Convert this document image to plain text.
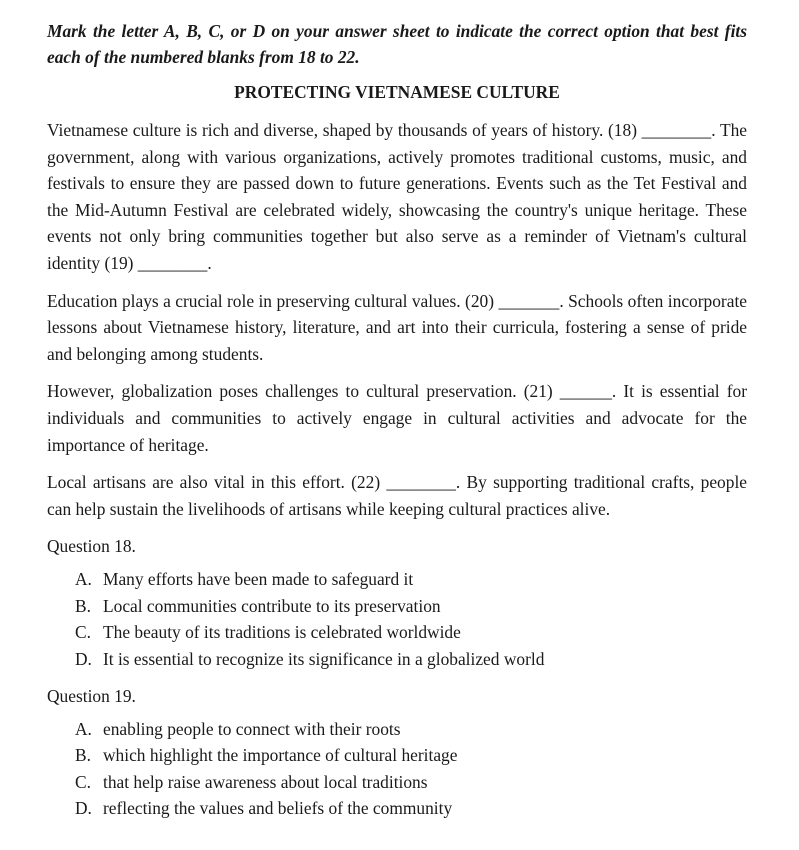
Mark the letter A, B, C, or D on your answer sheet to indicate the correct option that best fits each of the numbered blanks from 18 to 22.

PROTECTING VIETNAMESE CULTURE

Vietnamese culture is rich and diverse, shaped by thousands of years of history. (18) ________. The government, along with various organizations, actively promotes traditional customs, music, and festivals to ensure they are passed down to future generations. Events such as the Tet Festival and the Mid-Autumn Festival are celebrated widely, showcasing the country's unique heritage. These events not only bring communities together but also serve as a reminder of Vietnam's cultural identity (19) ________.

Education plays a crucial role in preserving cultural values. (20) _______. Schools often incorporate lessons about Vietnamese history, literature, and art into their curricula, fostering a sense of pride and belonging among students.

However, globalization poses challenges to cultural preservation. (21) ______. It is essential for individuals and communities to actively engage in cultural activities and advocate for the importance of heritage.

Local artisans are also vital in this effort. (22) ________. By supporting traditional crafts, people can help sustain the livelihoods of artisans while keeping cultural practices alive.

Question 18.

A. Many efforts have been made to safeguard it
B. Local communities contribute to its preservation
C. The beauty of its traditions is celebrated worldwide
D. It is essential to recognize its significance in a globalized world

Question 19.

A. enabling people to connect with their roots
B. which highlight the importance of cultural heritage
C. that help raise awareness about local traditions
D. reflecting the values and beliefs of the community
